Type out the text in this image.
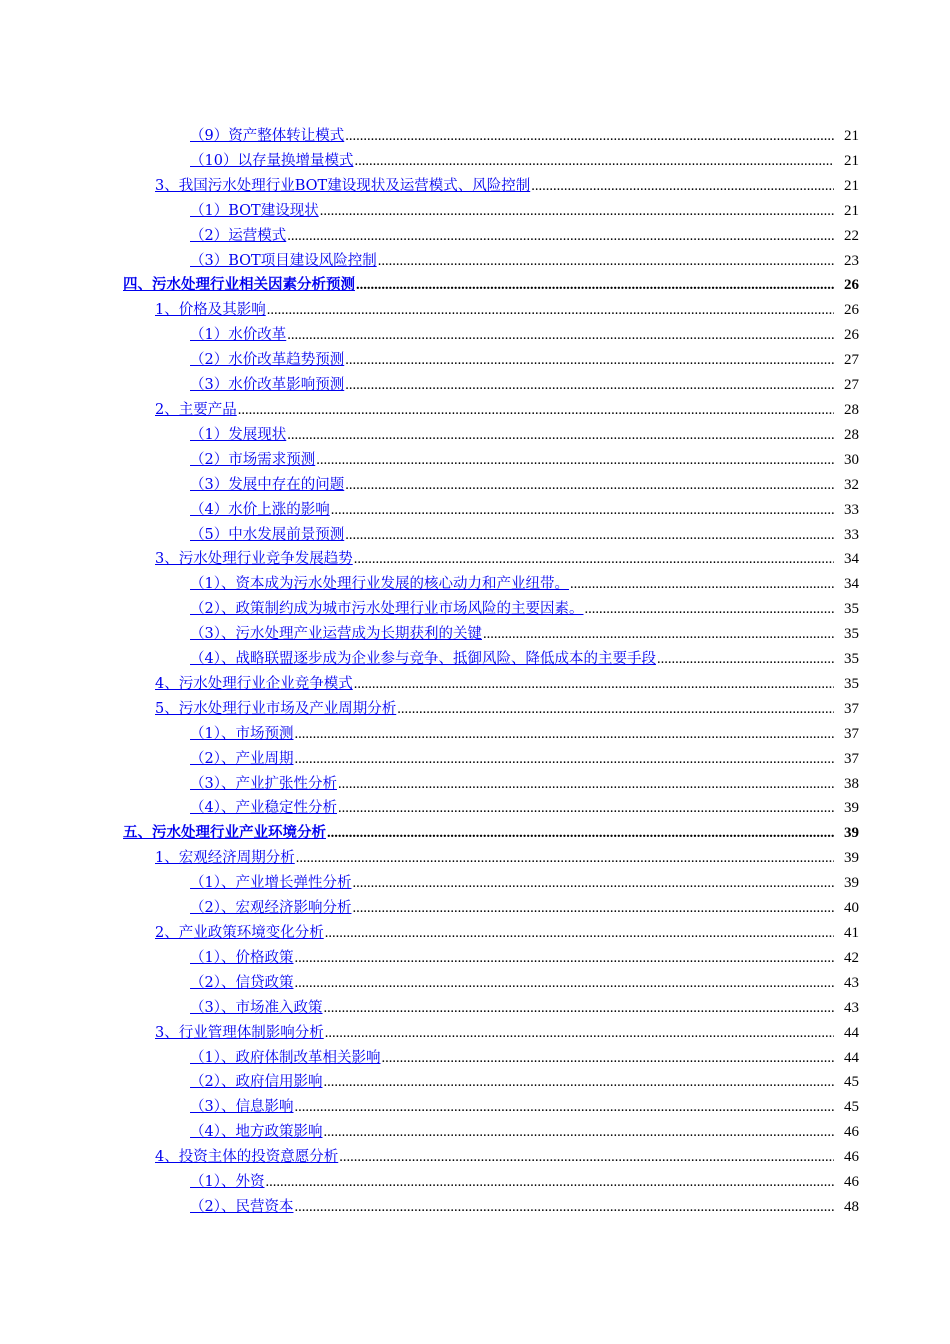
（9）资产整体转让模式 .....	21
（10）以存量换增量模式 .....	21
3、我国污水处理行业BOT建设现状及运营模式、风险控制 .....	21
（1）BOT建设现状 .....	21
（2）运营模式 .....	22
（3）BOT项目建设风险控制 .....	23
四、污水处理行业相关因素分析预测 .....	26
1、价格及其影响 .....	26
（1）水价改革 .....	26
（2）水价改革趋势预测 .....	27
（3）水价改革影响预测 .....	27
2、主要产品 .....	28
（1）发展现状 .....	28
（2）市场需求预测 .....	30
（3）发展中存在的问题 .....	32
（4）水价上涨的影响 .....	33
（5）中水发展前景预测 .....	33
3、污水处理行业竞争发展趋势 .....	34
（1）、资本成为污水处理行业发展的核心动力和产业纽带。 .....	34
（2）、政策制约成为城市污水处理行业市场风险的主要因素。 .....	35
（3）、污水处理产业运营成为长期获利的关键 .....	35
（4）、战略联盟逐步成为企业参与竞争、抵御风险、降低成本的主要手段 .....	35
4、污水处理行业企业竞争模式 .....	35
5、污水处理行业市场及产业周期分析 .....	37
（1）、市场预测 .....	37
（2）、产业周期 .....	37
（3）、产业扩张性分析 .....	38
（4）、产业稳定性分析 .....	39
五、污水处理行业产业环境分析 .....	39
1、宏观经济周期分析 .....	39
（1）、产业增长弹性分析 .....	39
（2）、宏观经济影响分析 .....	40
2、产业政策环境变化分析 .....	41
（1）、价格政策 .....	42
（2）、信贷政策 .....	43
（3）、市场准入政策 .....	43
3、行业管理体制影响分析 .....	44
（1）、政府体制改革相关影响 .....	44
（2）、政府信用影响 .....	45
（3）、信息影响 .....	45
（4）、地方政策影响 .....	46
4、投资主体的投资意愿分析 .....	46
（1）、外资 .....	46
（2）、民营资本 .....	48
